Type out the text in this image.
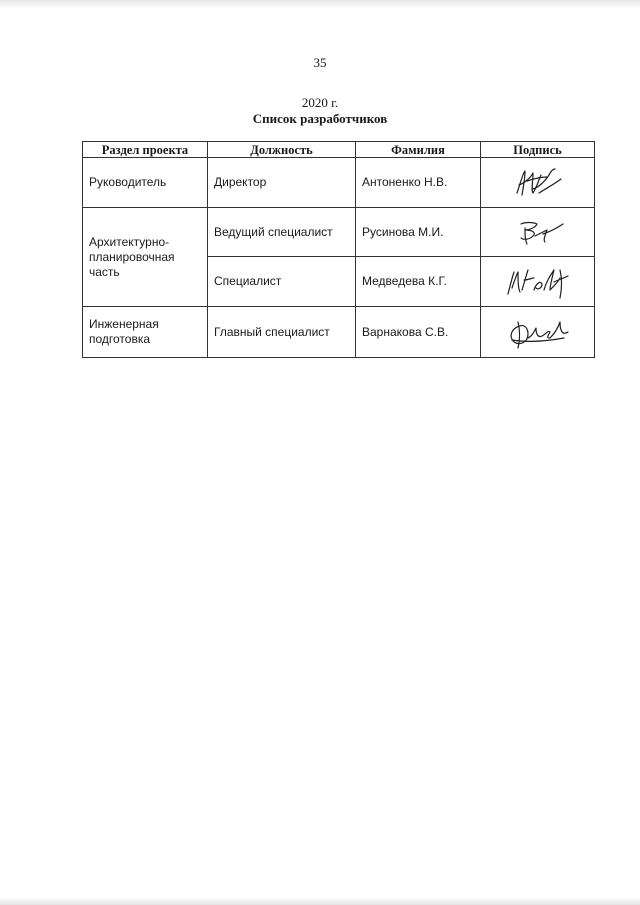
35
2020 г.
Список разработчиков
Раздел проекта	Должность	Фамилия	Подпись
Руководитель	Директор	Антоненко Н.В.	

Архитектурно-планировочная часть	Ведущий специалист	Русинова М.И.	

	Специалист	Медведева К.Г.	

Инженерная подготовка	Главный специалист	Варнакова С.В.	
